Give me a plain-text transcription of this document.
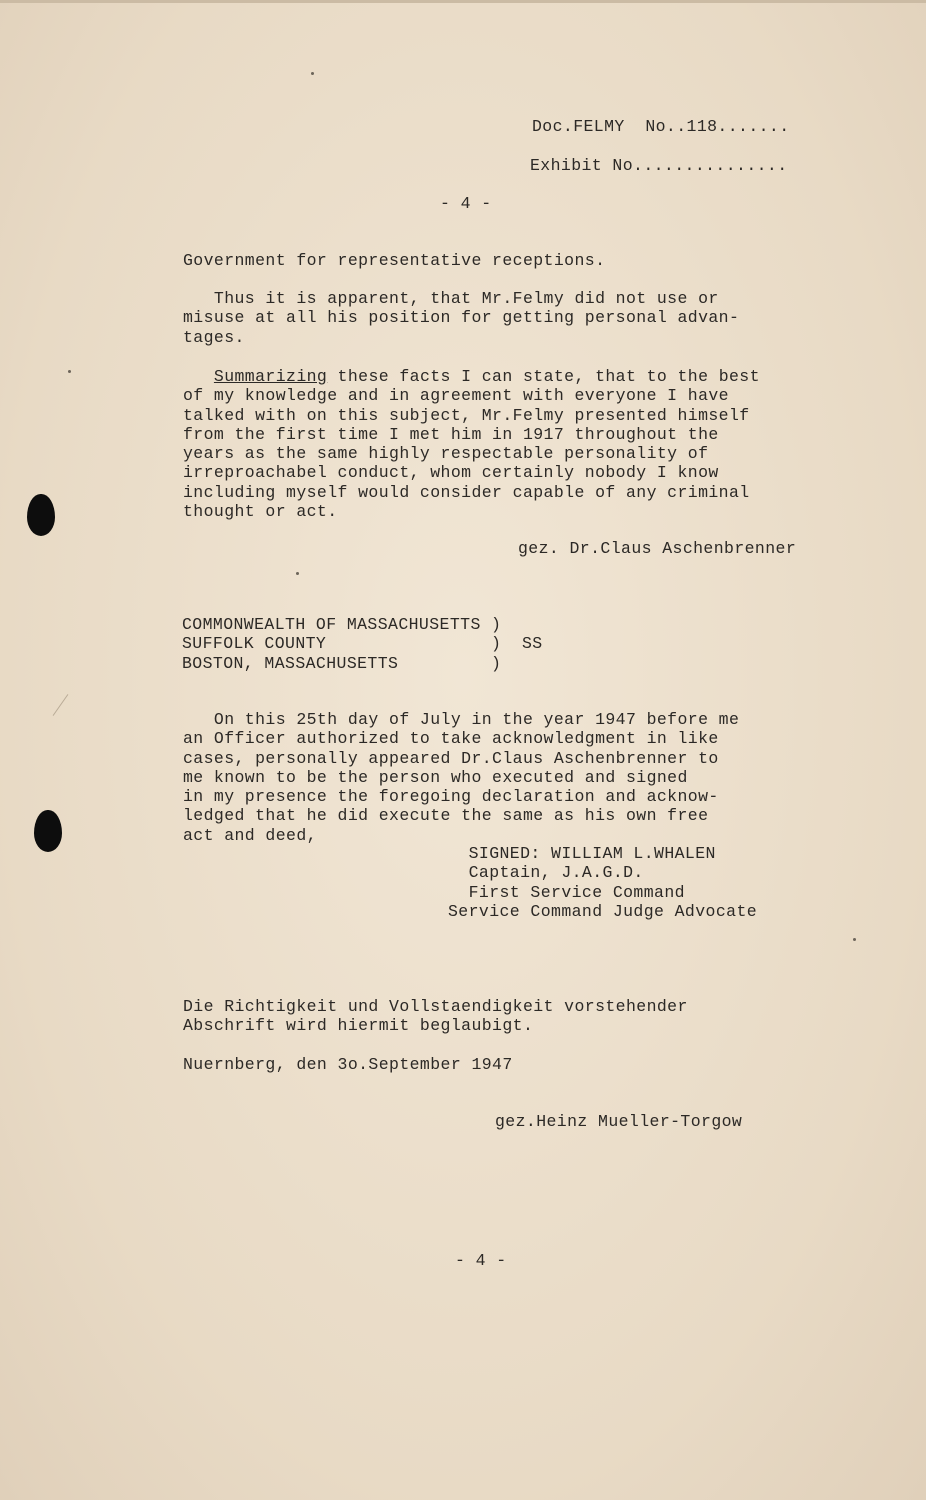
Doc.FELMY  No..118.......
Exhibit No...............
- 4 -
Government for representative receptions.
Thus it is apparent, that Mr.Felmy did not use or
misuse at all his position for getting personal advan-
tages.
Summarizing these facts I can state, that to the best
of my knowledge and in agreement with everyone I have
talked with on this subject, Mr.Felmy presented himself
from the first time I met him in 1917 throughout the
years as the same highly respectable personality of
irreproachabel conduct, whom certainly nobody I know
including myself would consider capable of any criminal
thought or act.
gez. Dr.Claus Aschenbrenner
COMMONWEALTH OF MASSACHUSETTS )
SUFFOLK COUNTY                )  SS
BOSTON, MASSACHUSETTS         )
On this 25th day of July in the year 1947 before me
an Officer authorized to take acknowledgment in like
cases, personally appeared Dr.Claus Aschenbrenner to
me known to be the person who executed and signed
in my presence the foregoing declaration and acknow-
ledged that he did execute the same as his own free
act and deed,
SIGNED: WILLIAM L.WHALEN
Captain, J.A.G.D.
First Service Command
Service Command Judge Advocate
Die Richtigkeit und Vollstaendigkeit vorstehender
Abschrift wird hiermit beglaubigt.
Nuernberg, den 3o.September 1947
gez.Heinz Mueller-Torgow
- 4 -
